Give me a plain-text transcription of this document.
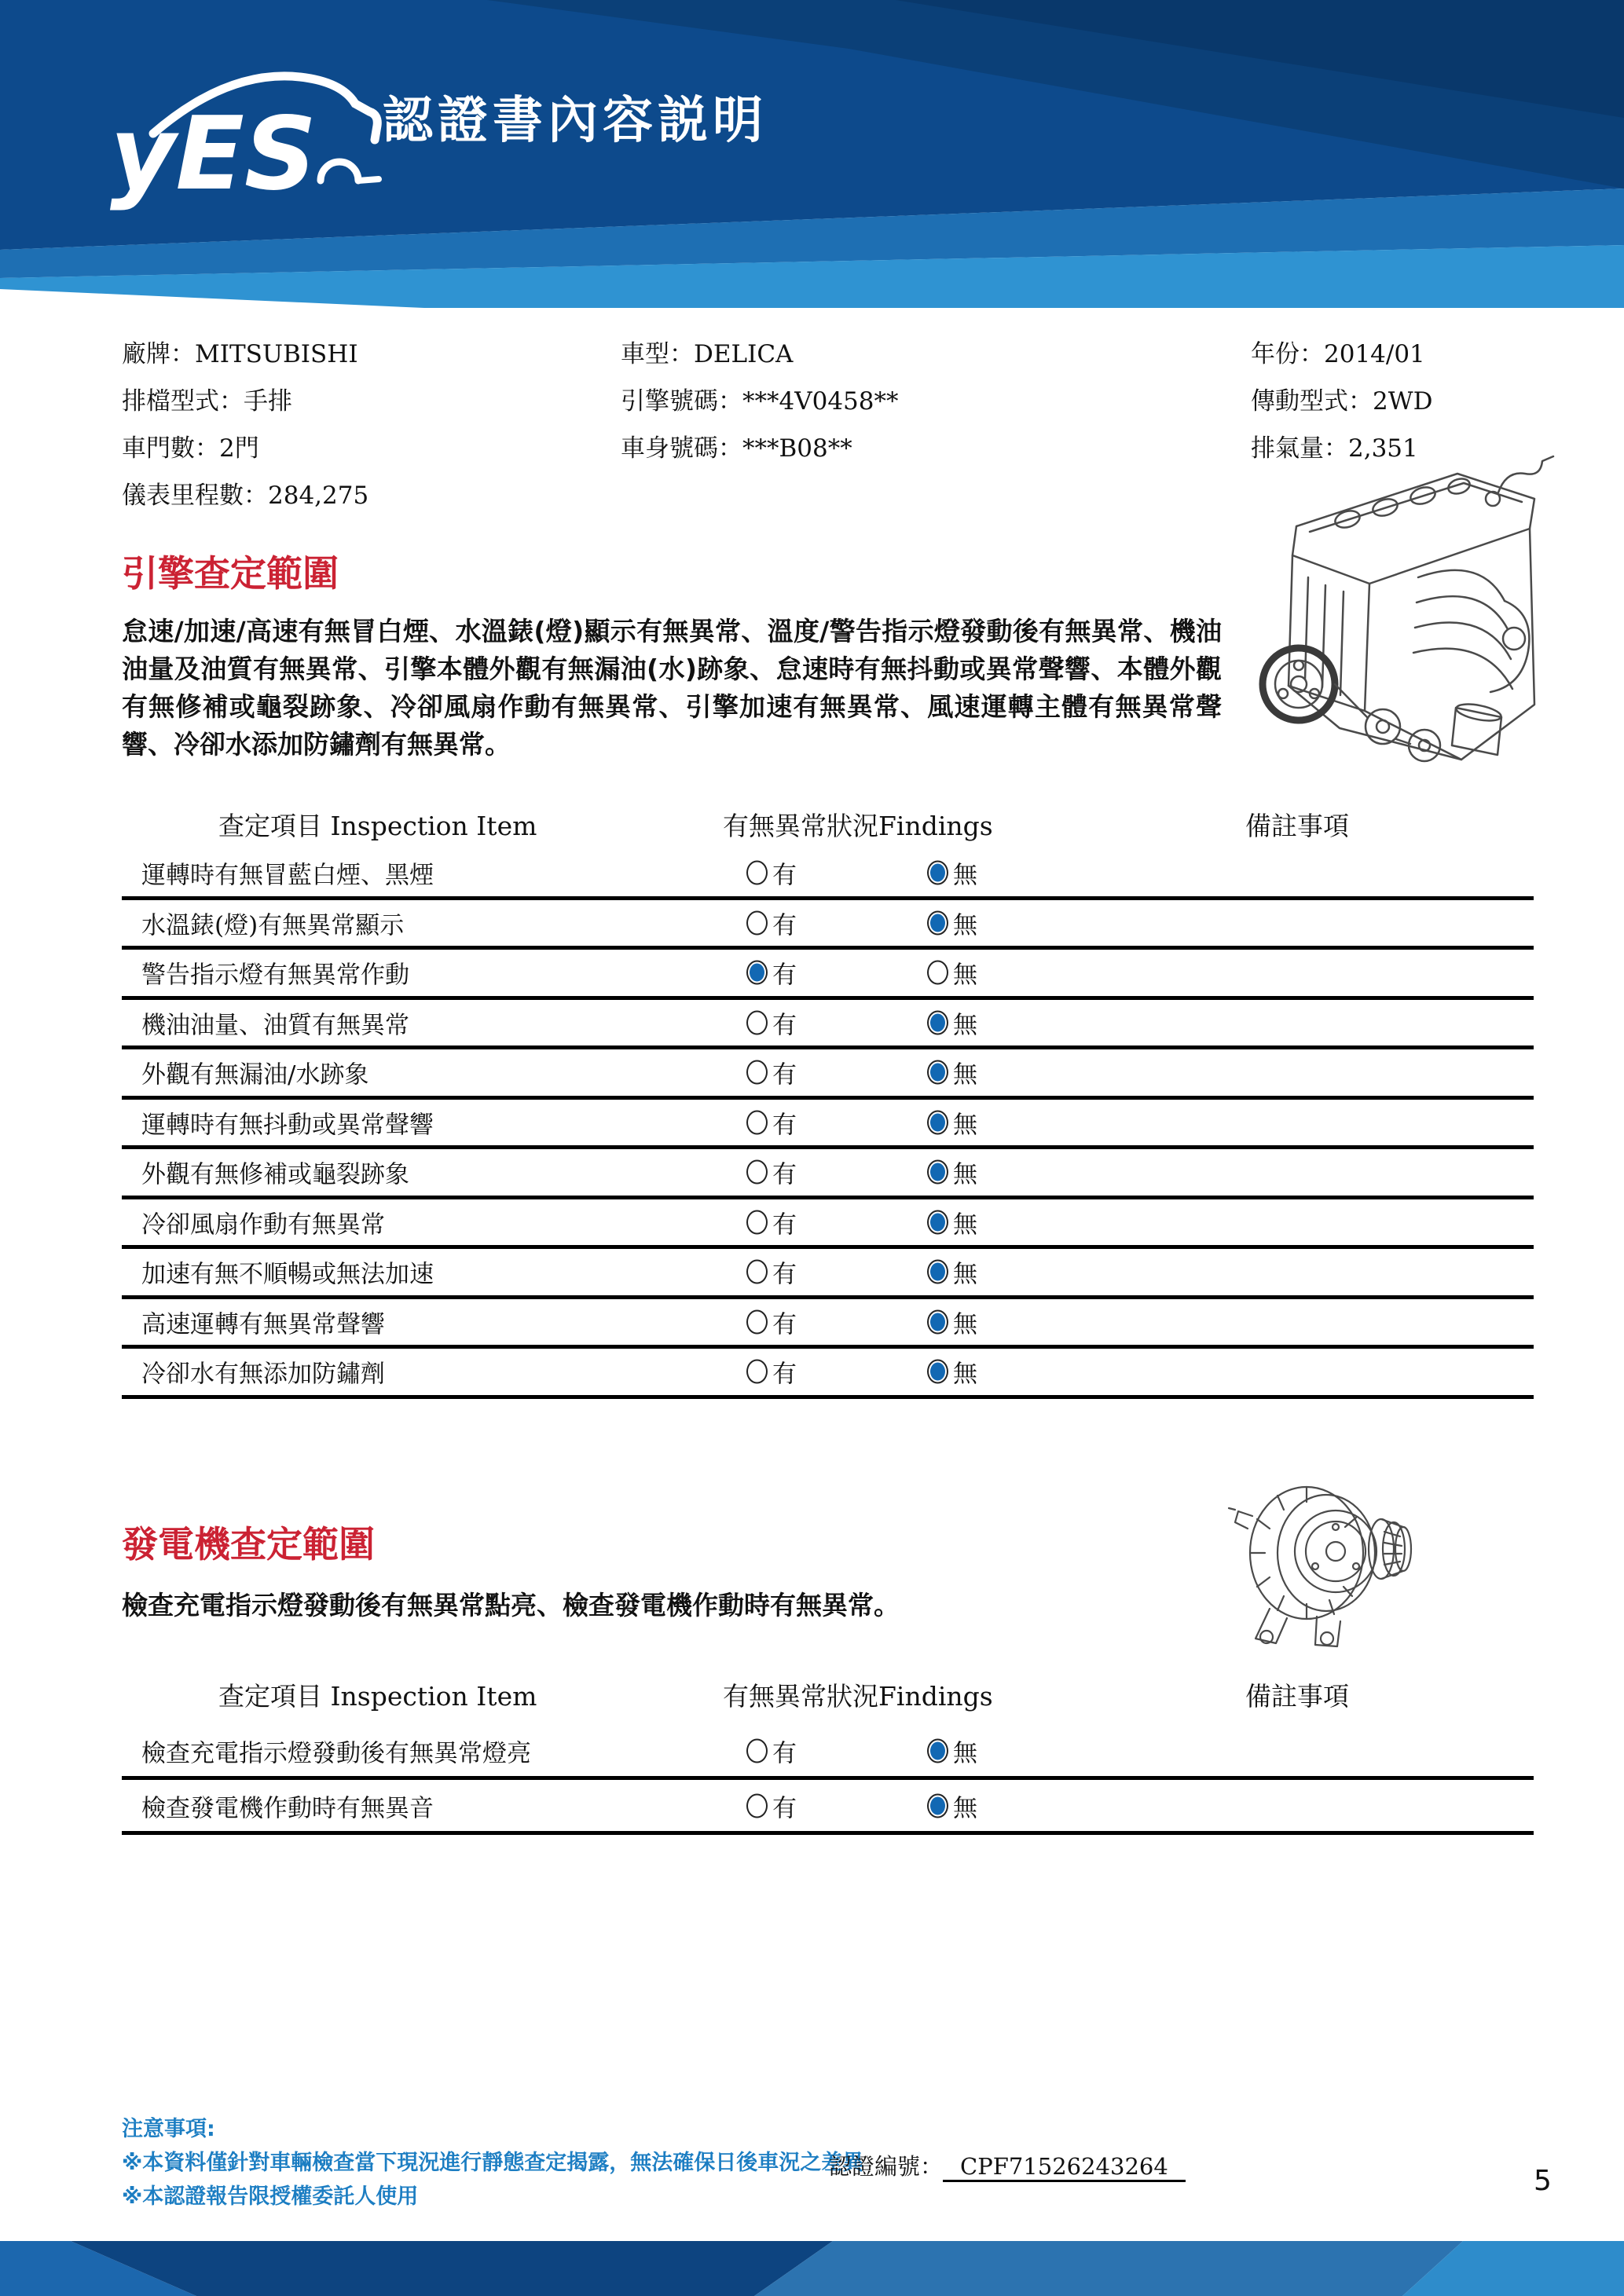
yES 認證書內容説明
廠牌：MITSUBISHI	車型：DELICA	年份：2014/01
排檔型式：手排	引擎號碼：***4V0458**	傳動型式：2WD
車門數：2門	車身號碼：***B08**	排氣量：2,351
儀表里程數：284,275
引擎查定範圍
怠速/加速/高速有無冒白煙、水溫錶(燈)顯示有無異常、溫度/警告指示燈發動後有無異常、機油油量及油質有無異常、引擎本體外觀有無漏油(水)跡象、怠速時有無抖動或異常聲響、本體外觀有無修補或龜裂跡象、冷卻風扇作動有無異常、引擎加速有無異常、風速運轉主體有無異常聲響、冷卻水添加防鏽劑有無異常。
查定項目 Inspection Item	有無異常狀況Findings	備註事項
運轉時有無冒藍白煙、黑煙	有	無
水溫錶(燈)有無異常顯示	有	無
警告指示燈有無異常作動	有	無
機油油量、油質有無異常	有	無
外觀有無漏油/水跡象	有	無
運轉時有無抖動或異常聲響	有	無
外觀有無修補或龜裂跡象	有	無
冷卻風扇作動有無異常	有	無
加速有無不順暢或無法加速	有	無
高速運轉有無異常聲響	有	無
冷卻水有無添加防鏽劑	有	無
發電機查定範圍
檢查充電指示燈發動後有無異常點亮、檢查發電機作動時有無異常。
查定項目 Inspection Item	有無異常狀況Findings	備註事項
檢查充電指示燈發動後有無異常燈亮	有	無
檢查發電機作動時有無異音	有	無
注意事項:
※本資料僅針對車輛檢查當下現況進行靜態查定揭露，無法確保日後車況之差異
※本認證報告限授權委託人使用
認證編號： CPF71526243264	5
